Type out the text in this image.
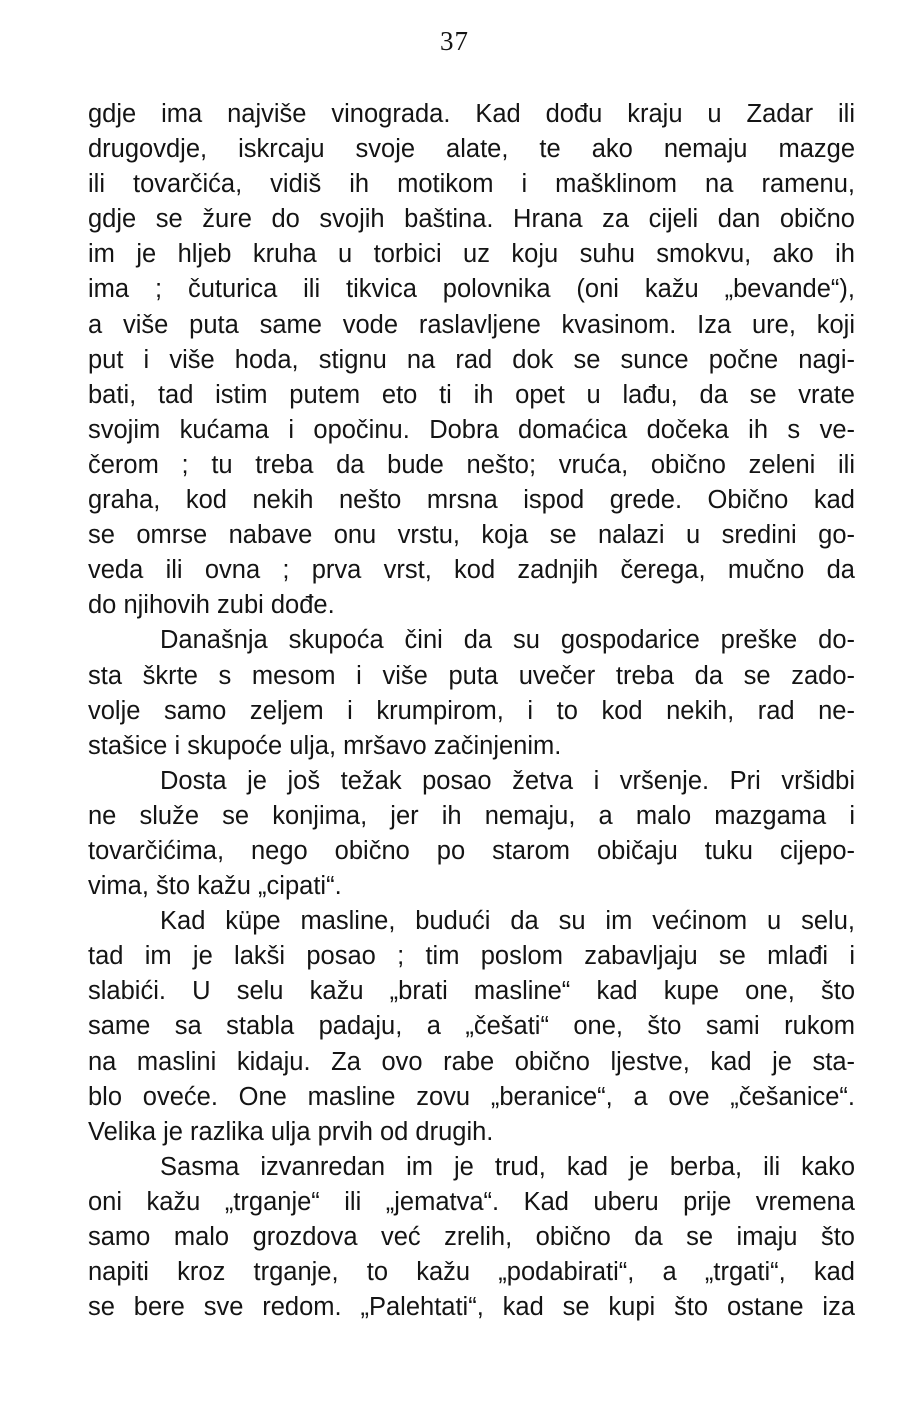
37
gdje ima najviše vinograda. Kad dođu kraju u Zadar ili
drugovdje, iskrcaju svoje alate, te ako nemaju mazge
ili tovarčića, vidiš ih motikom i mašklinom na ramenu,
gdje se žure do svojih baština. Hrana za cijeli dan obično
im je hljeb kruha u torbici uz koju suhu smokvu, ako ih
ima ; čuturica ili tikvica polovnika (oni kažu „bevande“),
a više puta same vode raslavljene kvasinom. Iza ure, koji
put i više hoda, stignu na rad dok se sunce počne nagi-
bati, tad istim putem eto ti ih opet u lađu, da se vrate
svojim kućama i opočinu. Dobra domaćica dočeka ih s ve-
čerom ; tu treba da bude nešto; vruća, obično zeleni ili
graha, kod nekih nešto mrsna ispod grede. Obično kad
se omrse nabave onu vrstu, koja se nalazi u sredini go-
veda ili ovna ; prva vrst, kod zadnjih čerega, mučno da
do njihovih zubi dođe.
Današnja skupoća čini da su gospodarice preške do-
sta škrte s mesom i više puta uvečer treba da se zado-
volje samo zeljem i krumpirom, i to kod nekih, rad ne-
stašice i skupoće ulja, mršavo začinjenim.
Dosta je još težak posao žetva i vršenje. Pri vršidbi
ne služe se konjima, jer ih nemaju, a malo mazgama i
tovarčićima, nego obično po starom običaju tuku cijepo-
vima, što kažu „cipati“.
Kad küpe masline, budući da su im većinom u selu,
tad im je lakši posao ; tim poslom zabavljaju se mlađi i
slabići. U selu kažu „brati masline“ kad kupe one, što
same sa stabla padaju, a „češati“ one, što sami rukom
na maslini kidaju. Za ovo rabe obično ljestve, kad je sta-
blo oveće. One masline zovu „beranice“, a ove „češanice“.
Velika je razlika ulja prvih od drugih.
Sasma izvanredan im je trud, kad je berba, ili kako
oni kažu „trganje“ ili „jematva“. Kad uberu prije vremena
samo malo grozdova već zrelih, obično da se imaju što
napiti kroz trganje, to kažu „podabirati“, a „trgati“, kad
se bere sve redom. „Palehtati“, kad se kupi što ostane iza
